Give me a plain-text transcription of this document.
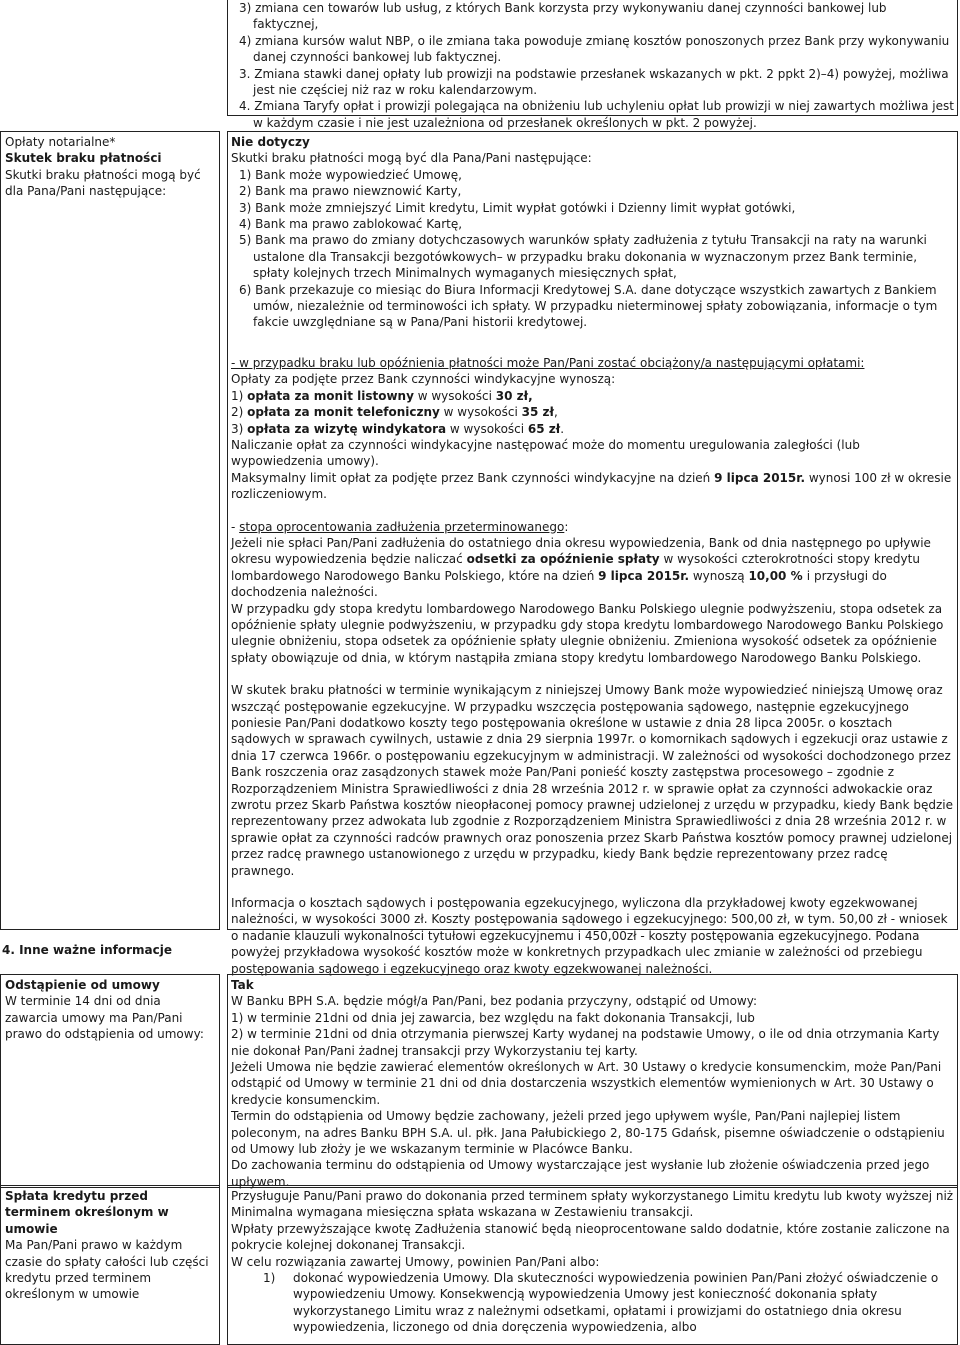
3) zmiana cen towarów lub usług, z których Bank korzysta przy wykonywaniu danej czynności bankowej lub faktycznej,

4) zmiana kursów walut NBP, o ile zmiana taka powoduje zmianę kosztów ponoszonych przez Bank przy wykonywaniu danej czynności bankowej lub faktycznej.

3. Zmiana stawki danej opłaty lub prowizji na podstawie przesłanek wskazanych w pkt. 2 ppkt 2)–4) powyżej, możliwa jest nie częściej niż raz w roku kalendarzowym.

4. Zmiana Taryfy opłat i prowizji polegająca na obniżeniu lub uchyleniu opłat lub prowizji w niej zawartych możliwa jest w każdym czasie i nie jest uzależniona od przesłanek określonych w pkt. 2 powyżej.

Opłaty notarialne*

Skutek braku płatności

Skutki braku płatności mogą być dla Pana/Pani następujące:

Nie dotyczy

Skutki braku płatności mogą być dla Pana/Pani następujące:

1) Bank może wypowiedzieć Umowę,
2) Bank ma prawo niewznowić Karty,
3) Bank może zmniejszyć Limit kredytu, Limit wypłat gotówki i Dzienny limit wypłat gotówki,
4) Bank ma prawo zablokować Kartę,
5) Bank ma prawo do zmiany dotychczasowych warunków spłaty zadłużenia z tytułu Transakcji na raty na warunki ustalone dla Transakcji bezgotówkowych– w przypadku braku dokonania w wyznaczonym przez Bank terminie, spłaty kolejnych trzech Minimalnych wymaganych miesięcznych spłat,
6) Bank przekazuje co miesiąc do Biura Informacji Kredytowej S.A. dane dotyczące wszystkich zawartych z Bankiem umów, niezależnie od terminowości ich spłaty. W przypadku nieterminowej spłaty zobowiązania, informacje o tym fakcie uwzględniane są w Pana/Pani historii kredytowej.

- w przypadku braku lub opóźnienia płatności może Pan/Pani zostać obciążony/a następującymi opłatami:

Opłaty za podjęte przez Bank czynności windykacyjne wynoszą:

1) opłata za monit listowny w wysokości 30 zł,

2) opłata za monit telefoniczny w wysokości 35 zł,

3) opłata za wizytę windykatora w wysokości 65 zł.

Naliczanie opłat za czynności windykacyjne następować może do momentu uregulowania zaległości (lub wypowiedzenia umowy).

Maksymalny limit opłat za podjęte przez Bank czynności windykacyjne na dzień 9 lipca 2015r. wynosi 100 zł w okresie rozliczeniowym.

- stopa oprocentowania zadłużenia przeterminowanego:

Jeżeli nie spłaci Pan/Pani zadłużenia do ostatniego dnia okresu wypowiedzenia, Bank od dnia następnego po upływie okresu wypowiedzenia będzie naliczać odsetki za opóźnienie spłaty w wysokości czterokrotności stopy kredytu lombardowego Narodowego Banku Polskiego, które na dzień 9 lipca 2015r. wynoszą 10,00 % i przysługi do dochodzenia należności.

W przypadku gdy stopa kredytu lombardowego Narodowego Banku Polskiego ulegnie podwyższeniu, stopa odsetek za opóźnienie spłaty ulegnie podwyższeniu, w przypadku gdy stopa kredytu lombardowego Narodowego Banku Polskiego ulegnie obniżeniu, stopa odsetek za opóźnienie spłaty ulegnie obniżeniu. Zmieniona wysokość odsetek za opóźnienie spłaty obowiązuje od dnia, w którym nastąpiła zmiana stopy kredytu lombardowego Narodowego Banku Polskiego.

W skutek braku płatności w terminie wynikającym z niniejszej Umowy Bank może wypowiedzieć niniejszą Umowę oraz wszcząć postępowanie egzekucyjne. W przypadku wszczęcia postępowania sądowego, następnie egzekucyjnego poniesie Pan/Pani dodatkowo koszty tego postępowania określone w ustawie z dnia 28 lipca 2005r. o kosztach sądowych w sprawach cywilnych, ustawie z dnia 29 sierpnia 1997r. o komornikach sądowych i egzekucji oraz ustawie z dnia 17 czerwca 1966r. o postępowaniu egzekucyjnym w administracji. W zależności od wysokości dochodzonego przez Bank roszczenia oraz zasądzonych stawek może Pan/Pani ponieść koszty zastępstwa procesowego – zgodnie z Rozporządzeniem Ministra Sprawiedliwości z dnia 28 września 2012 r. w sprawie opłat za czynności adwokackie oraz zwrotu przez Skarb Państwa kosztów nieopłaconej pomocy prawnej udzielonej z urzędu w przypadku, kiedy Bank będzie reprezentowany przez adwokata lub zgodnie z Rozporządzeniem Ministra Sprawiedliwości z dnia 28 września 2012 r. w sprawie opłat za czynności radców prawnych oraz ponoszenia przez Skarb Państwa kosztów pomocy prawnej udzielonej przez radcę prawnego ustanowionego z urzędu w przypadku, kiedy Bank będzie reprezentowany przez radcę prawnego.

Informacja o kosztach sądowych i postępowania egzekucyjnego, wyliczona dla przykładowej kwoty egzekwowanej należności, w wysokości 3000 zł. Koszty postępowania sądowego i egzekucyjnego: 500,00 zł, w tym. 50,00 zł - wniosek o nadanie klauzuli wykonalności tytułowi egzekucyjnemu i 450,00zł - koszty postępowania egzekucyjnego. Podana powyżej przykładowa wysokość kosztów może w konkretnych przypadkach ulec zmianie w zależności od przebiegu postępowania sądowego i egzekucyjnego oraz kwoty egzekwowanej należności.

4. Inne ważne informacje

Odstąpienie od umowy

W terminie 14 dni od dnia zawarcia umowy ma Pan/Pani prawo do odstąpienia od umowy:

Tak

W Banku BPH S.A. będzie mógł/a Pan/Pani, bez podania przyczyny, odstąpić od Umowy:

1) w terminie 21dni od dnia jej zawarcia, bez względu na fakt dokonania Transakcji, lub

2) w terminie 21dni od dnia otrzymania pierwszej Karty wydanej na podstawie Umowy, o ile od dnia otrzymania Karty nie dokonał Pan/Pani żadnej transakcji przy Wykorzystaniu tej karty.

Jeżeli Umowa nie będzie zawierać elementów określonych w Art. 30 Ustawy o kredycie konsumenckim, może Pan/Pani odstąpić od Umowy w terminie 21 dni od dnia dostarczenia wszystkich elementów wymienionych w Art. 30 Ustawy o kredycie konsumenckim.

Termin do odstąpienia od Umowy będzie zachowany, jeżeli przed jego upływem wyśle, Pan/Pani najlepiej listem poleconym, na adres Banku BPH S.A. ul. płk. Jana Pałubickiego 2, 80-175 Gdańsk, pisemne oświadczenie o odstąpieniu od Umowy lub złoży je we wskazanym terminie w Placówce Banku.

Do zachowania terminu do odstąpienia od Umowy wystarczające jest wysłanie lub złożenie oświadczenia przed jego upływem.

Spłata kredytu przed terminem określonym w umowie

Ma Pan/Pani prawo w każdym czasie do spłaty całości lub części kredytu przed terminem określonym w umowie

Przysługuje Panu/Pani prawo do dokonania przed terminem spłaty wykorzystanego Limitu kredytu lub kwoty wyższej niż Minimalna wymagana miesięczna spłata wskazana w Zestawieniu transakcji.

Wpłaty przewyższające kwotę Zadłużenia stanowić będą nieoprocentowane saldo dodatnie, które zostanie zaliczone na pokrycie kolejnej dokonanej Transakcji.

W celu rozwiązania zawartej Umowy, powinien Pan/Pani albo:

1) dokonać wypowiedzenia Umowy. Dla skuteczności wypowiedzenia powinien Pan/Pani złożyć oświadczenie o wypowiedzeniu Umowy. Konsekwencją wypowiedzenia Umowy jest konieczność dokonania spłaty wykorzystanego Limitu wraz z należnymi odsetkami, opłatami i prowizjami do ostatniego dnia okresu wypowiedzenia, liczonego od dnia doręczenia wypowiedzenia, albo
